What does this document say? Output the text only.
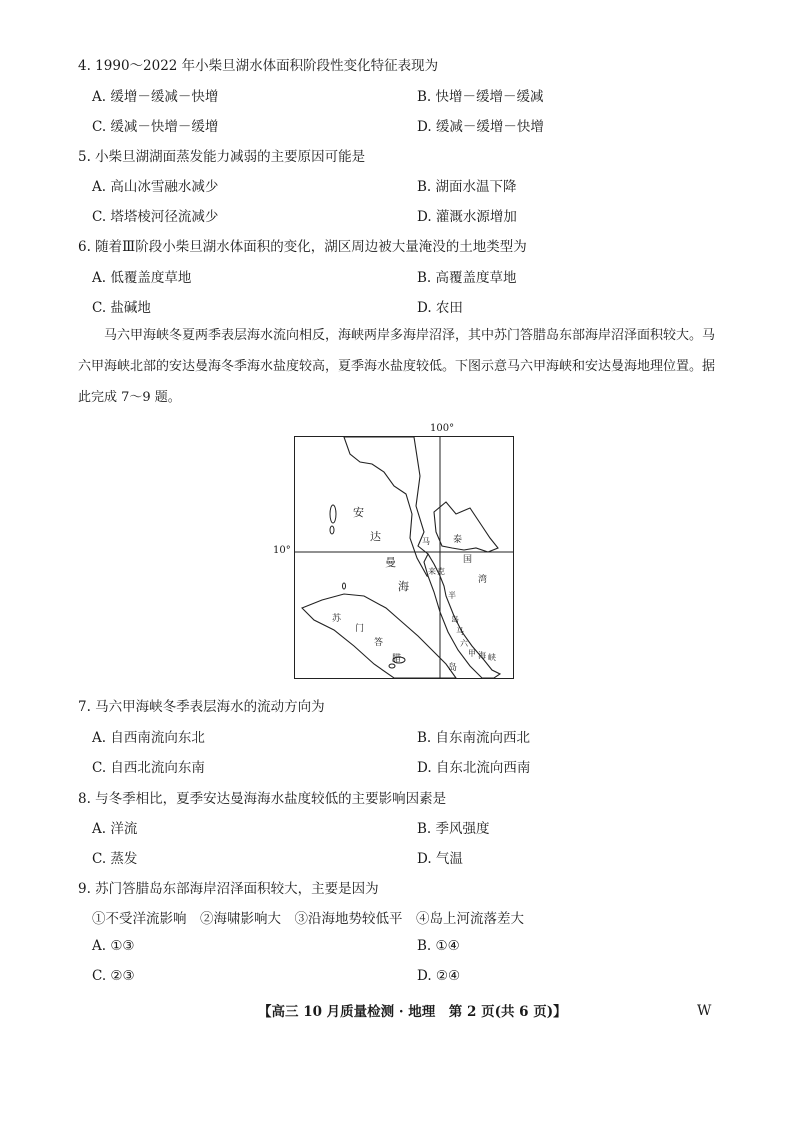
4. 1990～2022 年小柴旦湖水体面积阶段性变化特征表现为
A. 缓增－缓减－快增	B. 快增－缓增－缓减
C. 缓减－快增－缓增	D. 缓减－缓增－快增
5. 小柴旦湖湖面蒸发能力减弱的主要原因可能是
A. 高山冰雪融水减少	B. 湖面水温下降
C. 塔塔棱河径流减少	D. 灌溉水源增加
6. 随着Ⅲ阶段小柴旦湖水体面积的变化，湖区周边被大量淹没的土地类型为
A. 低覆盖度草地	B. 高覆盖度草地
C. 盐碱地	D. 农田
马六甲海峡冬夏两季表层海水流向相反，海峡两岸多海岸沼泽，其中苏门答腊岛东部海岸沼泽面积较大。马六甲海峡北部的安达曼海冬季海水盐度较高，夏季海水盐度较低。下图示意马六甲海峡和安达曼海地理位置。据此完成 7～9 题。
100°
10°
安
达
曼
海
苏
门
答
腊
岛
泰
国
湾
马
来
半
岛
马
六
甲 海 峡
克
7. 马六甲海峡冬季表层海水的流动方向为
A. 自西南流向东北	B. 自东南流向西北
C. 自西北流向东南	D. 自东北流向西南
8. 与冬季相比，夏季安达曼海海水盐度较低的主要影响因素是
A. 洋流	B. 季风强度
C. 蒸发	D. 气温
9. 苏门答腊岛东部海岸沼泽面积较大，主要是因为
①不受洋流影响　②海啸影响大　③沿海地势较低平　④岛上河流落差大
A. ①③	B. ①④
C. ②③	D. ②④
【高三 10 月质量检测 · 地理　第 2 页(共 6 页)】	W
